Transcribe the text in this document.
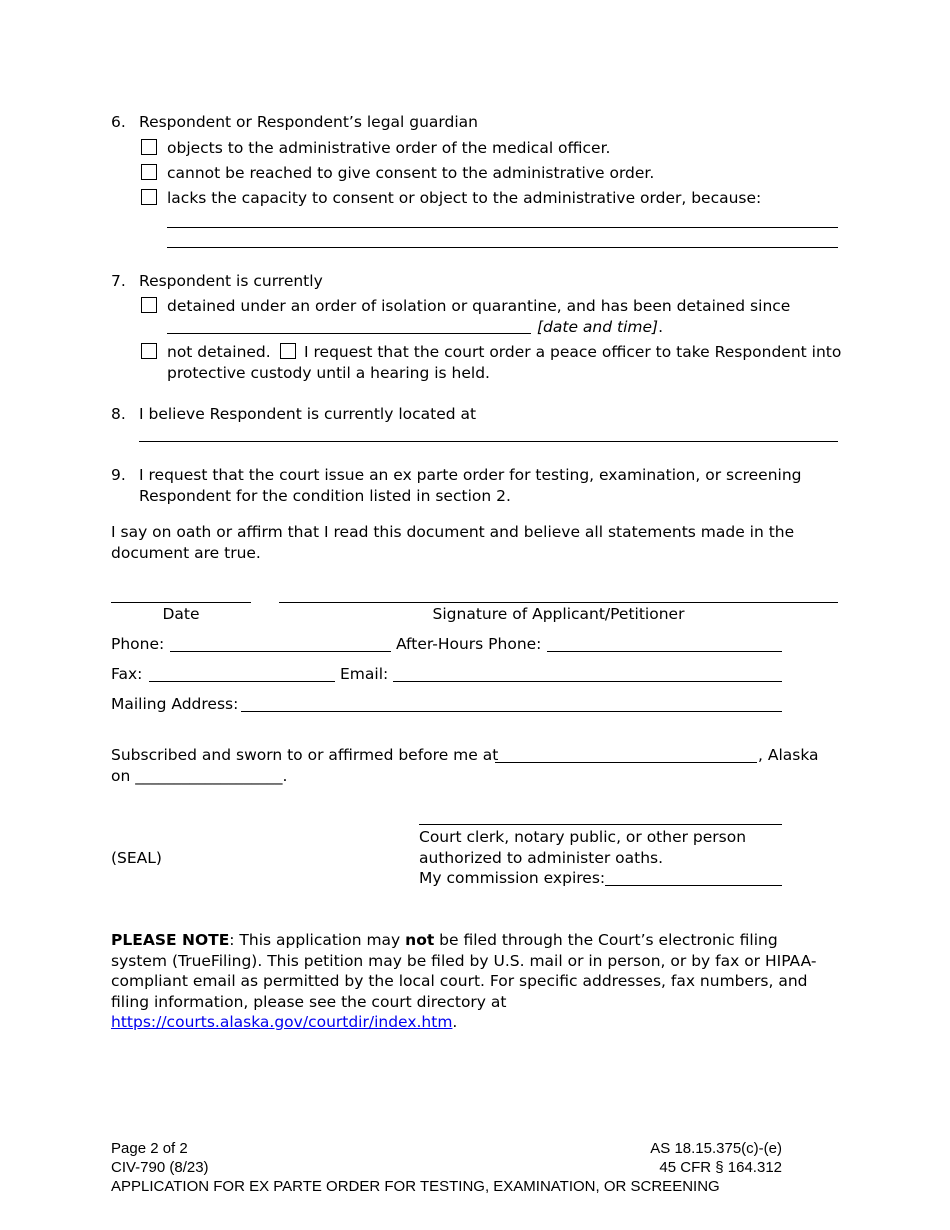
6. Respondent or Respondent’s legal guardian
objects to the administrative order of the medical officer.
cannot be reached to give consent to the administrative order.
lacks the capacity to consent or object to the administrative order, because:
7. Respondent is currently
detained under an order of isolation or quarantine, and has been detained since
[date and time].
not detained. I request that the court order a peace officer to take Respondent into
protective custody until a hearing is held.
8. I believe Respondent is currently located at
9. I request that the court issue an ex parte order for testing, examination, or screening
Respondent for the condition listed in section 2.
I say on oath or affirm that I read this document and believe all statements made in the
document are true.
Date	Signature of Applicant/Petitioner
Phone:	After-Hours Phone:
Fax:	Email:
Mailing Address:
Subscribed and sworn to or affirmed before me at	, Alaska
on ___________________.
Court clerk, notary public, or other person
(SEAL)	authorized to administer oaths.
My commission expires:
PLEASE NOTE: This application may not be filed through the Court’s electronic filing system (TrueFiling). This petition may be filed by U.S. mail or in person, or by fax or HIPAA-compliant email as permitted by the local court. For specific addresses, fax numbers, and filing information, please see the court directory at https://courts.alaska.gov/courtdir/index.htm.
Page 2 of 2
CIV-790 (8/23)
APPLICATION FOR EX PARTE ORDER FOR TESTING, EXAMINATION, OR SCREENING
AS 18.15.375(c)-(e)
45 CFR § 164.312
